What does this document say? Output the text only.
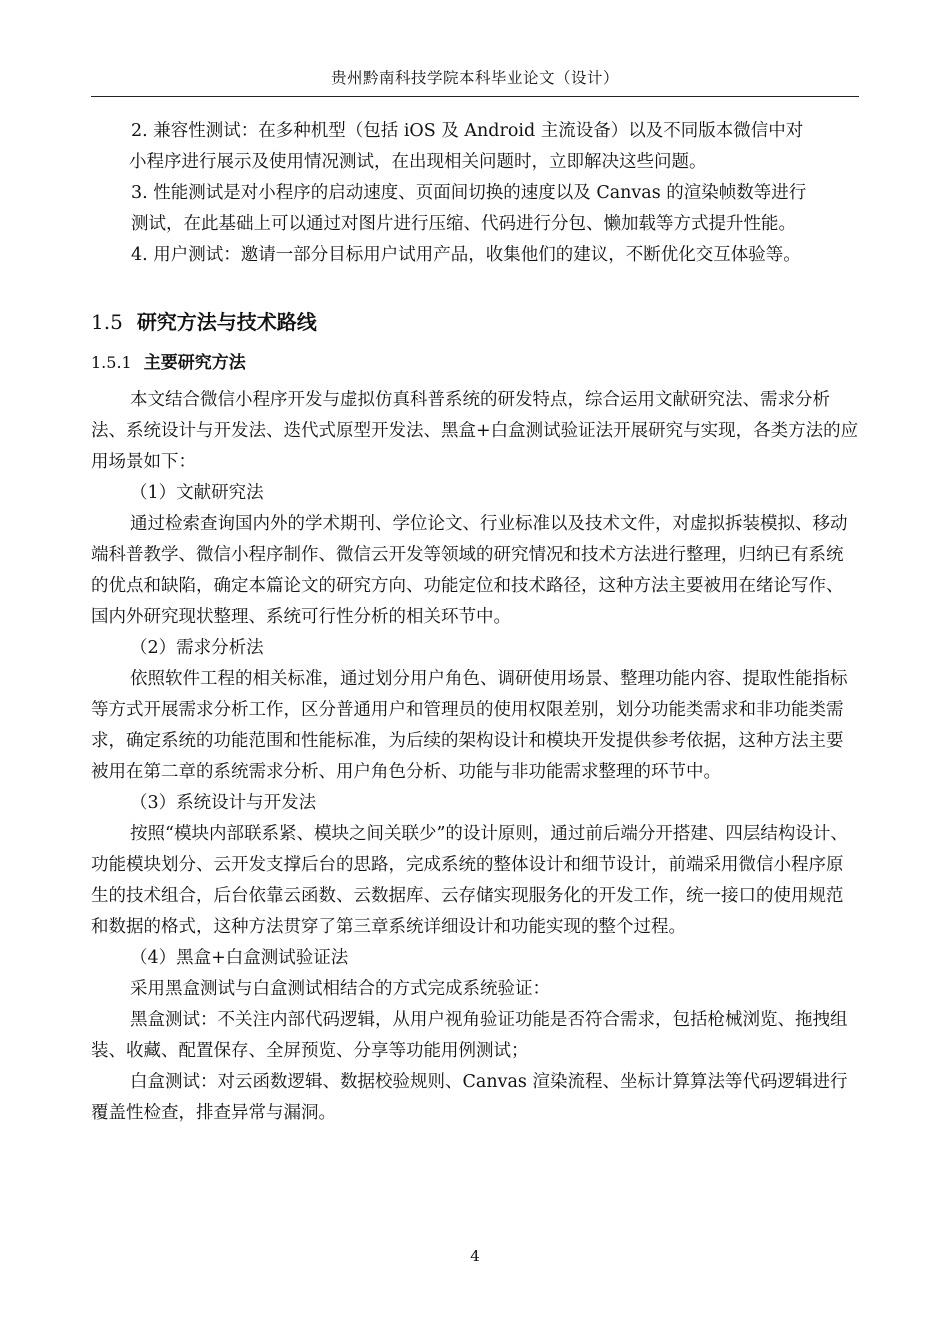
贵州黔南科技学院本科毕业论文（设计）

2. 兼容性测试：在多种机型（包括 iOS 及 Android 主流设备）以及不同版本微信中对
小程序进行展示及使用情况测试，在出现相关问题时，立即解决这些问题。

3. 性能测试是对小程序的启动速度、页面间切换的速度以及 Canvas 的渲染帧数等进行
测试，在此基础上可以通过对图片进行压缩、代码进行分包、懒加载等方式提升性能。

4. 用户测试：邀请一部分目标用户试用产品，收集他们的建议，不断优化交互体验等。

1.5 研究方法与技术路线

1.5.1 主要研究方法

本文结合微信小程序开发与虚拟仿真科普系统的研发特点，综合运用文献研究法、需求分析法、系统设计与开发法、迭代式原型开发法、黑盒+白盒测试验证法开展研究与实现，各类方法的应用场景如下：

（1）文献研究法

通过检索查询国内外的学术期刊、学位论文、行业标准以及技术文件，对虚拟拆装模拟、移动端科普教学、微信小程序制作、微信云开发等领域的研究情况和技术方法进行整理，归纳已有系统的优点和缺陷，确定本篇论文的研究方向、功能定位和技术路径，这种方法主要被用在绪论写作、国内外研究现状整理、系统可行性分析的相关环节中。

（2）需求分析法

依照软件工程的相关标准，通过划分用户角色、调研使用场景、整理功能内容、提取性能指标等方式开展需求分析工作，区分普通用户和管理员的使用权限差别，划分功能类需求和非功能类需求，确定系统的功能范围和性能标准，为后续的架构设计和模块开发提供参考依据，这种方法主要被用在第二章的系统需求分析、用户角色分析、功能与非功能需求整理的环节中。

（3）系统设计与开发法

按照“模块内部联系紧、模块之间关联少”的设计原则，通过前后端分开搭建、四层结构设计、功能模块划分、云开发支撑后台的思路，完成系统的整体设计和细节设计，前端采用微信小程序原生的技术组合，后台依靠云函数、云数据库、云存储实现服务化的开发工作，统一接口的使用规范和数据的格式，这种方法贯穿了第三章系统详细设计和功能实现的整个过程。

（4）黑盒+白盒测试验证法

采用黑盒测试与白盒测试相结合的方式完成系统验证：

黑盒测试：不关注内部代码逻辑，从用户视角验证功能是否符合需求，包括枪械浏览、拖拽组装、收藏、配置保存、全屏预览、分享等功能用例测试；

白盒测试：对云函数逻辑、数据校验规则、Canvas 渲染流程、坐标计算算法等代码逻辑进行覆盖性检查，排查异常与漏洞。

4
